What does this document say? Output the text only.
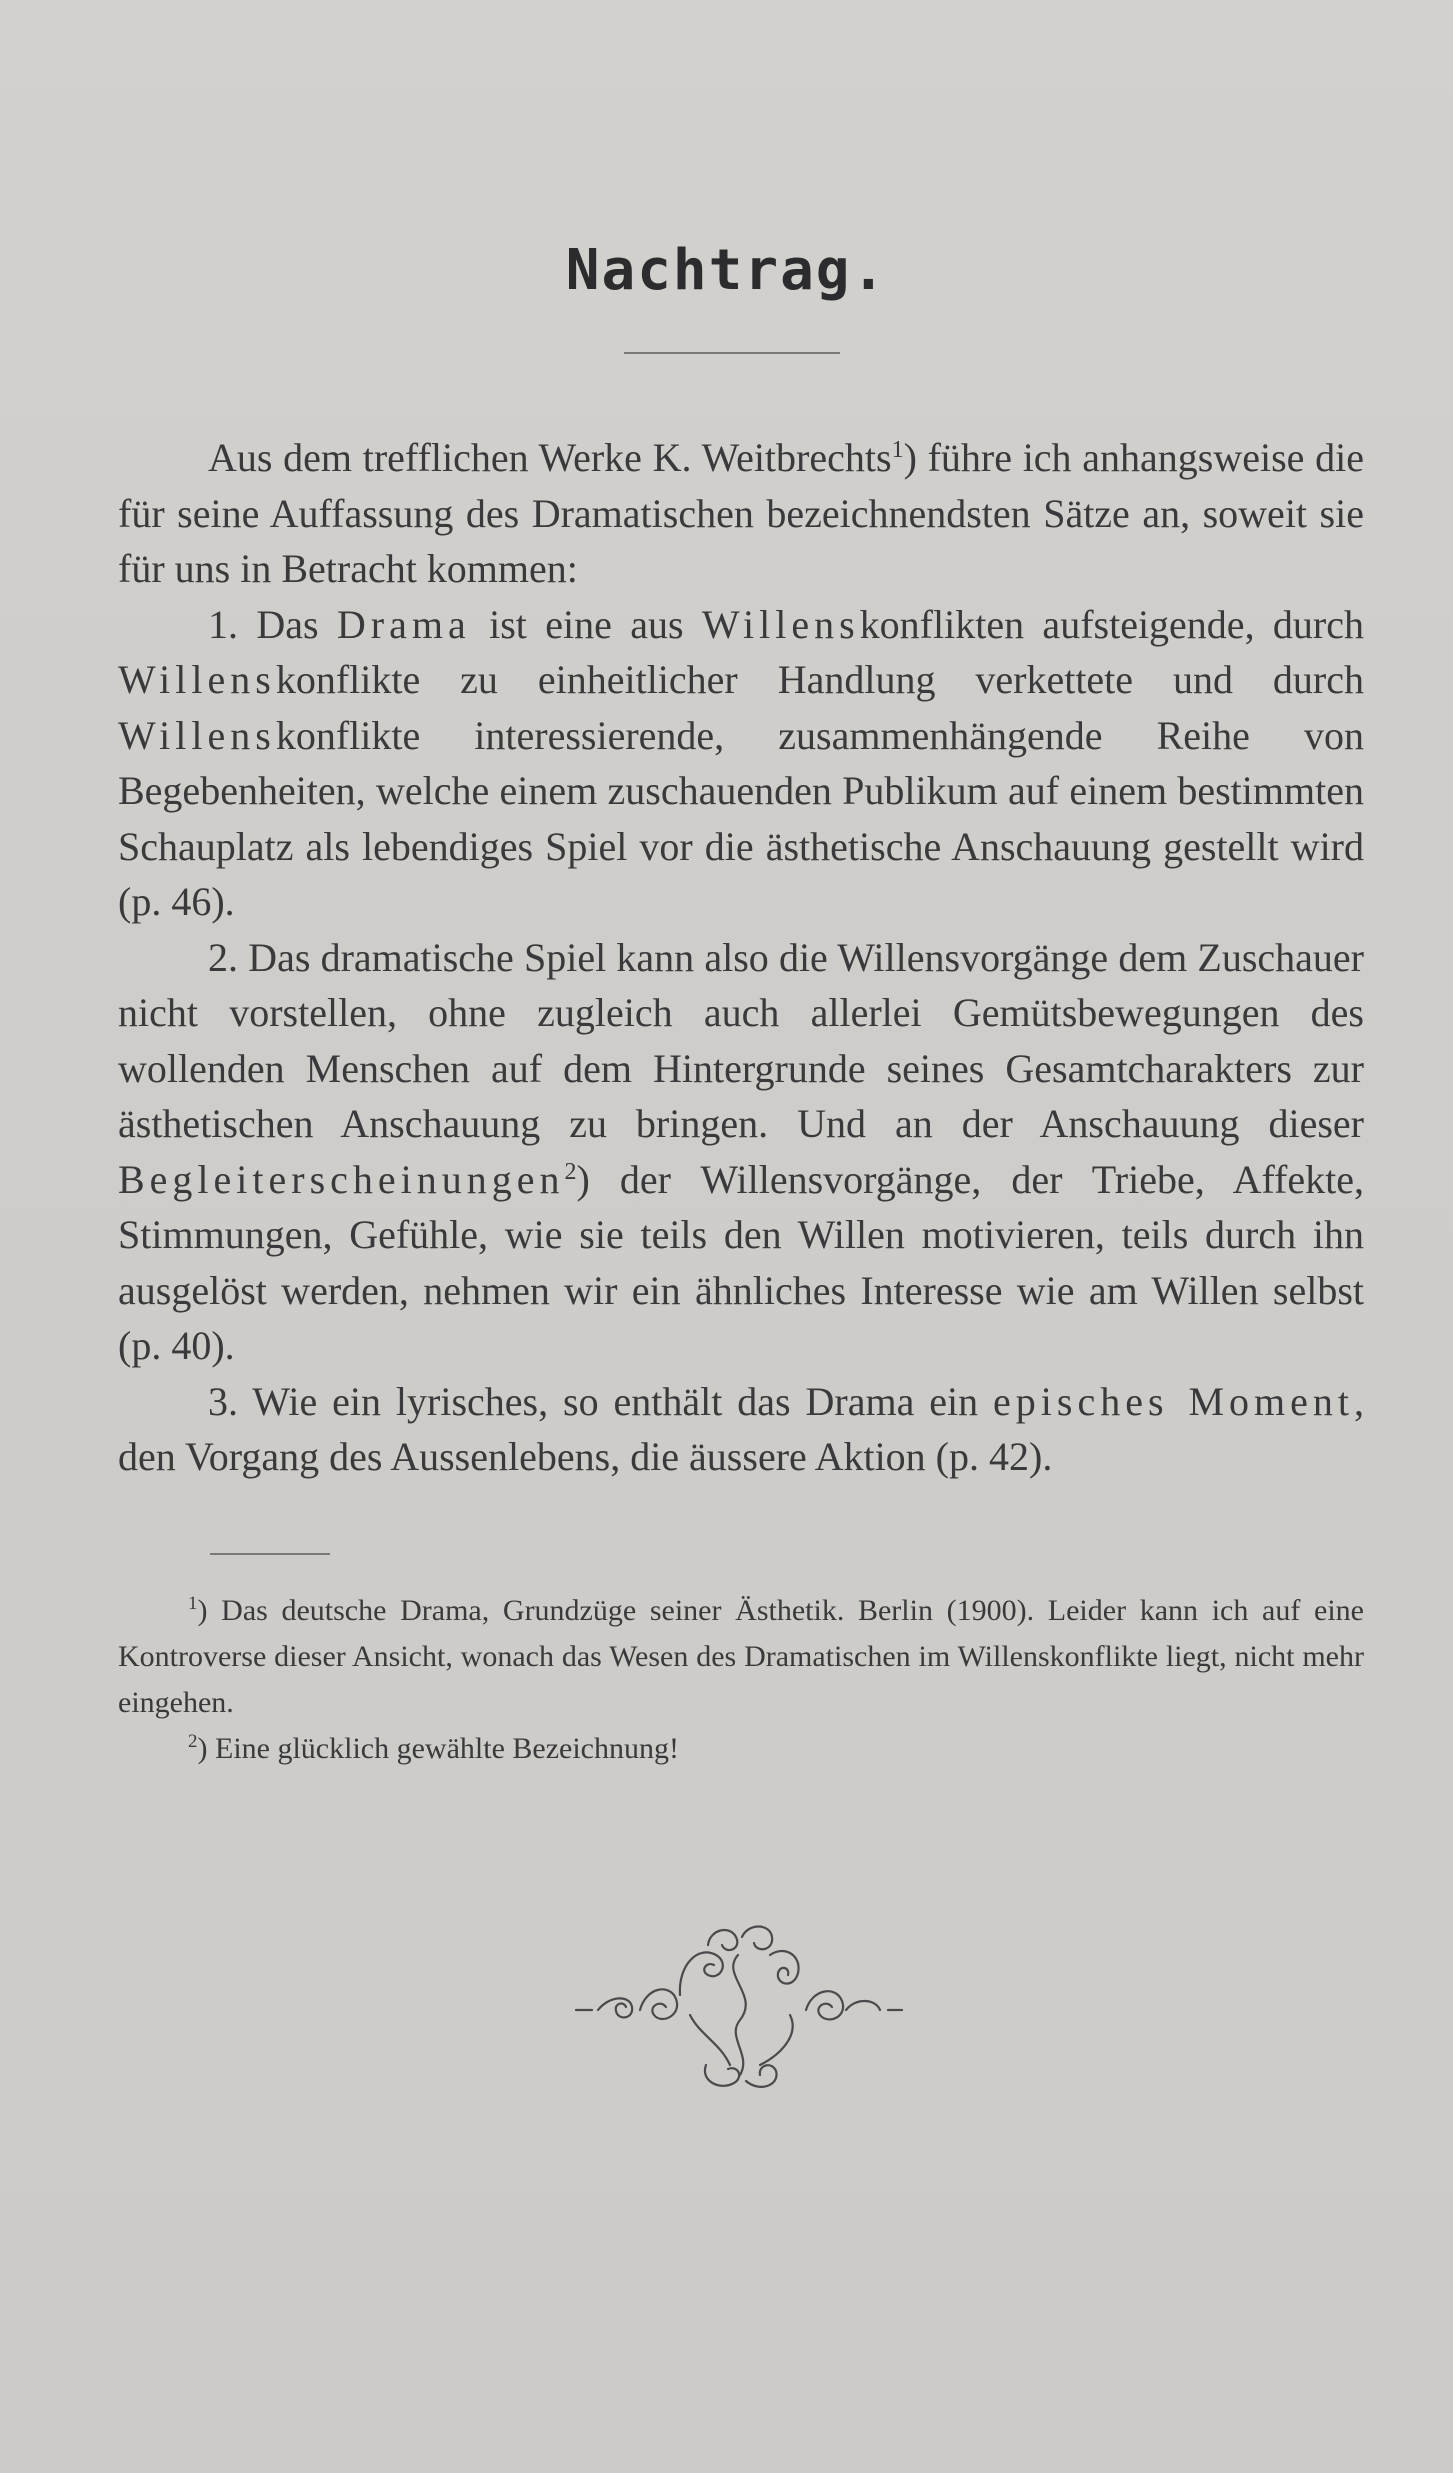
Nachtrag.

Aus dem trefflichen Werke K. Weitbrechts$^1$) führe ich anhangsweise die für seine Auffassung des Dramatischen bezeichnendsten Sätze an, soweit sie für uns in Betracht kommen:

1. Das Drama ist eine aus Willenskonflikten aufsteigende, durch Willenskonflikte zu einheitlicher Handlung verkettete und durch Willenskonflikte interessierende, zusammenhängende Reihe von Begebenheiten, welche einem zuschauenden Publikum auf einem bestimmten Schauplatz als lebendiges Spiel vor die ästhetische Anschauung gestellt wird (p. 46).

2. Das dramatische Spiel kann also die Willensvorgänge dem Zuschauer nicht vorstellen, ohne zugleich auch allerlei Gemütsbewegungen des wollenden Menschen auf dem Hintergrunde seines Gesamtcharakters zur ästhetischen Anschauung zu bringen. Und an der Anschauung dieser Begleiterscheinungen$^2$) der Willensvorgänge, der Triebe, Affekte, Stimmungen, Gefühle, wie sie teils den Willen motivieren, teils durch ihn ausgelöst werden, nehmen wir ein ähnliches Interesse wie am Willen selbst (p. 40).

3. Wie ein lyrisches, so enthält das Drama ein episches Moment, den Vorgang des Aussenlebens, die äussere Aktion (p. 42).

$^1$) Das deutsche Drama, Grundzüge seiner Ästhetik. Berlin (1900). Leider kann ich auf eine Kontroverse dieser Ansicht, wonach das Wesen des Dramatischen im Willenskonflikte liegt, nicht mehr eingehen.

$^2$) Eine glücklich gewählte Bezeichnung!
